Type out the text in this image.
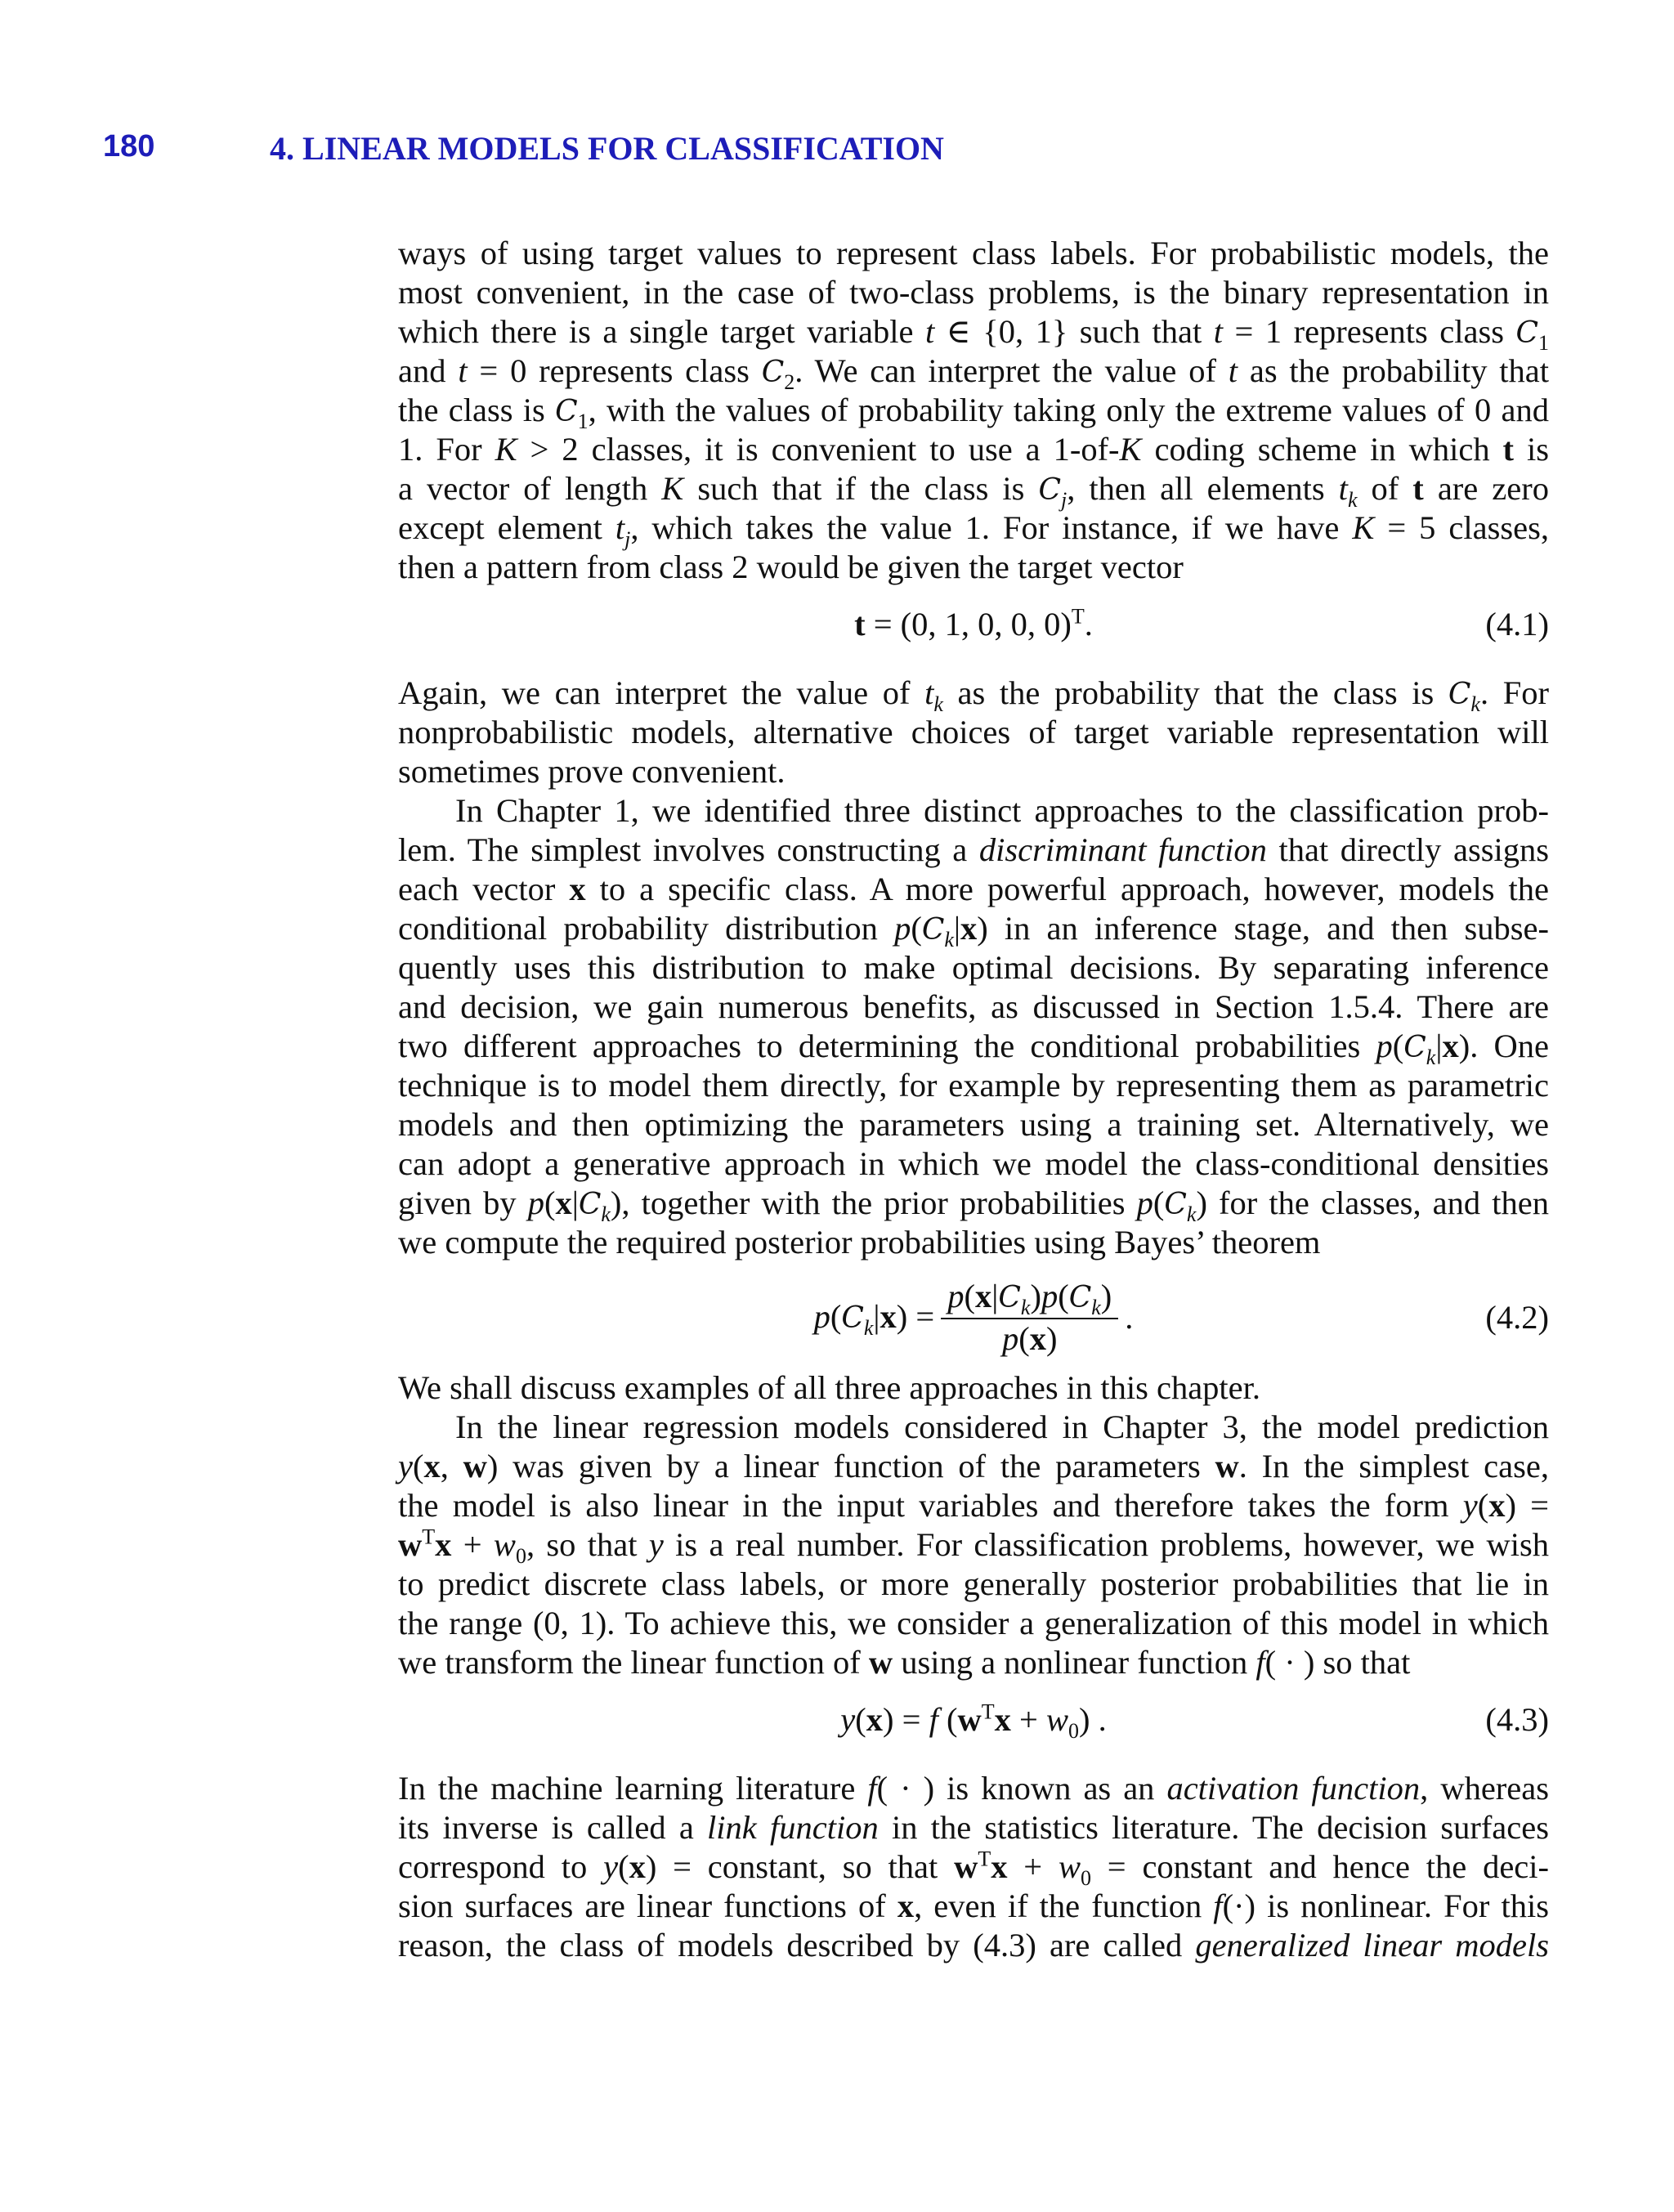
180	4. LINEAR MODELS FOR CLASSIFICATION
ways of using target values to represent class labels. For probabilistic models, the
most convenient, in the case of two-class problems, is the binary representation in
which there is a single target variable t ∈ {0, 1} such that t = 1 represents class $C_1$
and t = 0 represents class $C_2$. We can interpret the value of t as the probability that
the class is $C_1$, with the values of probability taking only the extreme values of 0 and
1. For K > 2 classes, it is convenient to use a 1-of-K coding scheme in which t is
a vector of length K such that if the class is $C_j$, then all elements $t_k$ of t are zero
except element $t_j$, which takes the value 1. For instance, if we have K = 5 classes,
then a pattern from class 2 would be given the target vector
t = (0, 1, 0, 0, 0)$^T$.	(4.1)
Again, we can interpret the value of $t_k$ as the probability that the class is $C_k$. For
nonprobabilistic models, alternative choices of target variable representation will
sometimes prove convenient.
In Chapter 1, we identified three distinct approaches to the classification prob-
lem. The simplest involves constructing a discriminant function that directly assigns
each vector x to a specific class. A more powerful approach, however, models the
conditional probability distribution $p(C_k|x)$ in an inference stage, and then subse-
quently uses this distribution to make optimal decisions. By separating inference
and decision, we gain numerous benefits, as discussed in Section 1.5.4. There are
two different approaches to determining the conditional probabilities $p(C_k|x)$. One
technique is to model them directly, for example by representing them as parametric
models and then optimizing the parameters using a training set. Alternatively, we
can adopt a generative approach in which we model the class-conditional densities
given by $p(x|C_k)$, together with the prior probabilities $p(C_k)$ for the classes, and then
we compute the required posterior probabilities using Bayes’ theorem
$p(C_k|x) = \frac{p(x|C_k)p(C_k)}{p(x)}$ .	(4.2)
We shall discuss examples of all three approaches in this chapter.
In the linear regression models considered in Chapter 3, the model prediction
y(x, w) was given by a linear function of the parameters w. In the simplest case,
the model is also linear in the input variables and therefore takes the form y(x) =
$w^Tx + w_0$, so that y is a real number. For classification problems, however, we wish
to predict discrete class labels, or more generally posterior probabilities that lie in
the range (0, 1). To achieve this, we consider a generalization of this model in which
we transform the linear function of w using a nonlinear function f( · ) so that
y(x) = f $(w^Tx + w_0)$ .	(4.3)
In the machine learning literature f( · ) is known as an activation function, whereas
its inverse is called a link function in the statistics literature. The decision surfaces
correspond to y(x) = constant, so that $w^Tx + w_0$ = constant and hence the deci-
sion surfaces are linear functions of x, even if the function f(·) is nonlinear. For this
reason, the class of models described by (4.3) are called generalized linear models
